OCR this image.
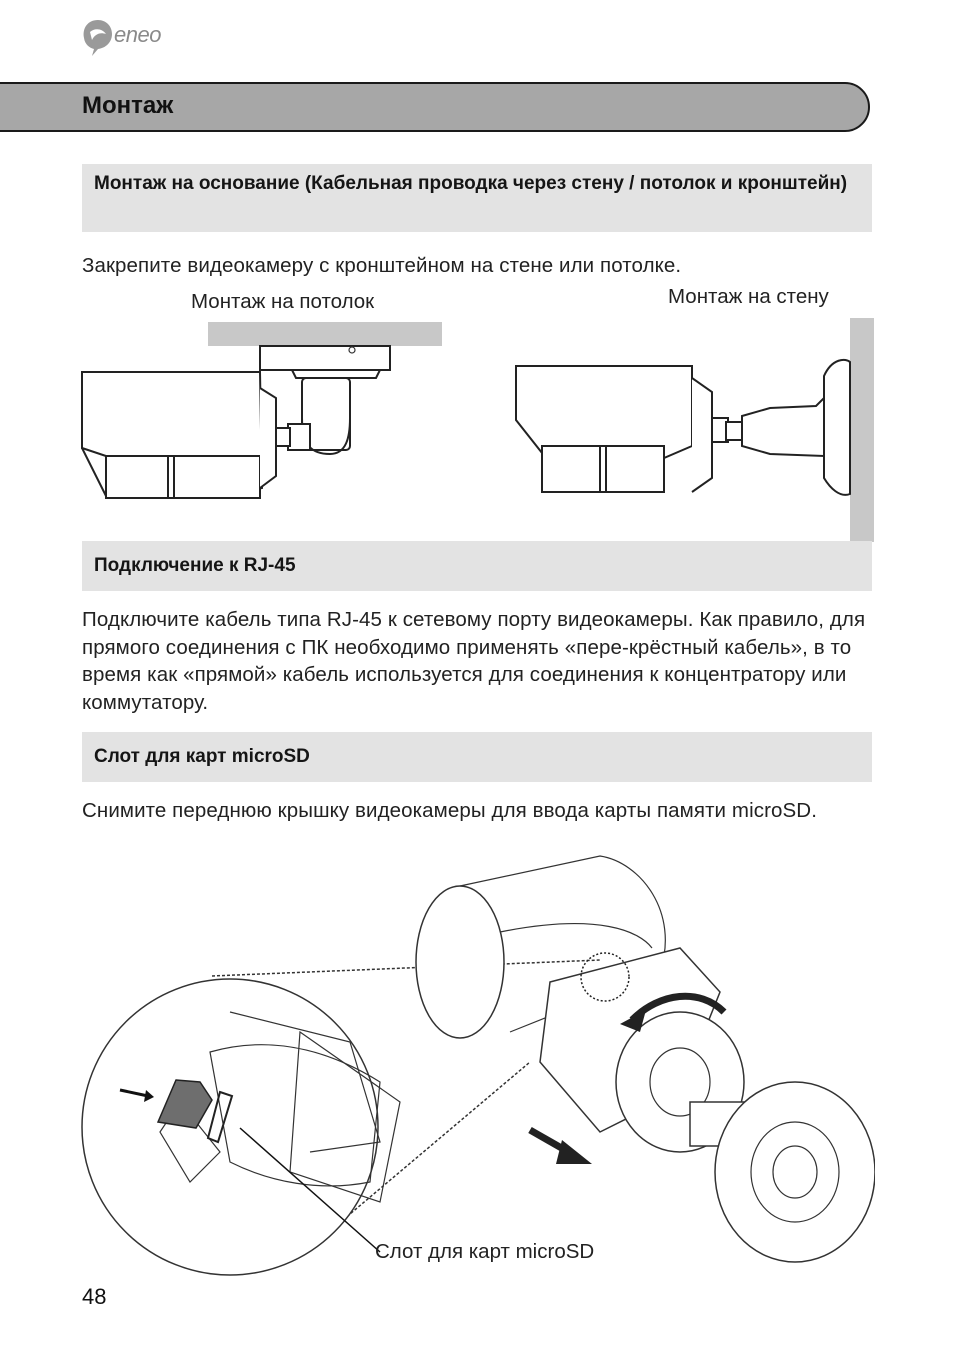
eneo
Монтаж
Монтаж на основание (Кабельная проводка через стену / потолок и кронштейн)
Закрепите видеокамеру с кронштейном на стене или потолке.
Монтаж на потолок	Монтаж на стену
Подключение к RJ-45
Подключите кабель типа RJ-45 к сетевому порту видеокамеры. Как правило, для прямого соединения с ПК необходимо применять «пере-крёстный кабель», в то время как «прямой» кабель используется для соединения к концентратору или коммутатору.
Слот для карт microSD
Снимите переднюю крышку видеокамеры для ввода карты памяти microSD.
Слот для карт microSD
48
